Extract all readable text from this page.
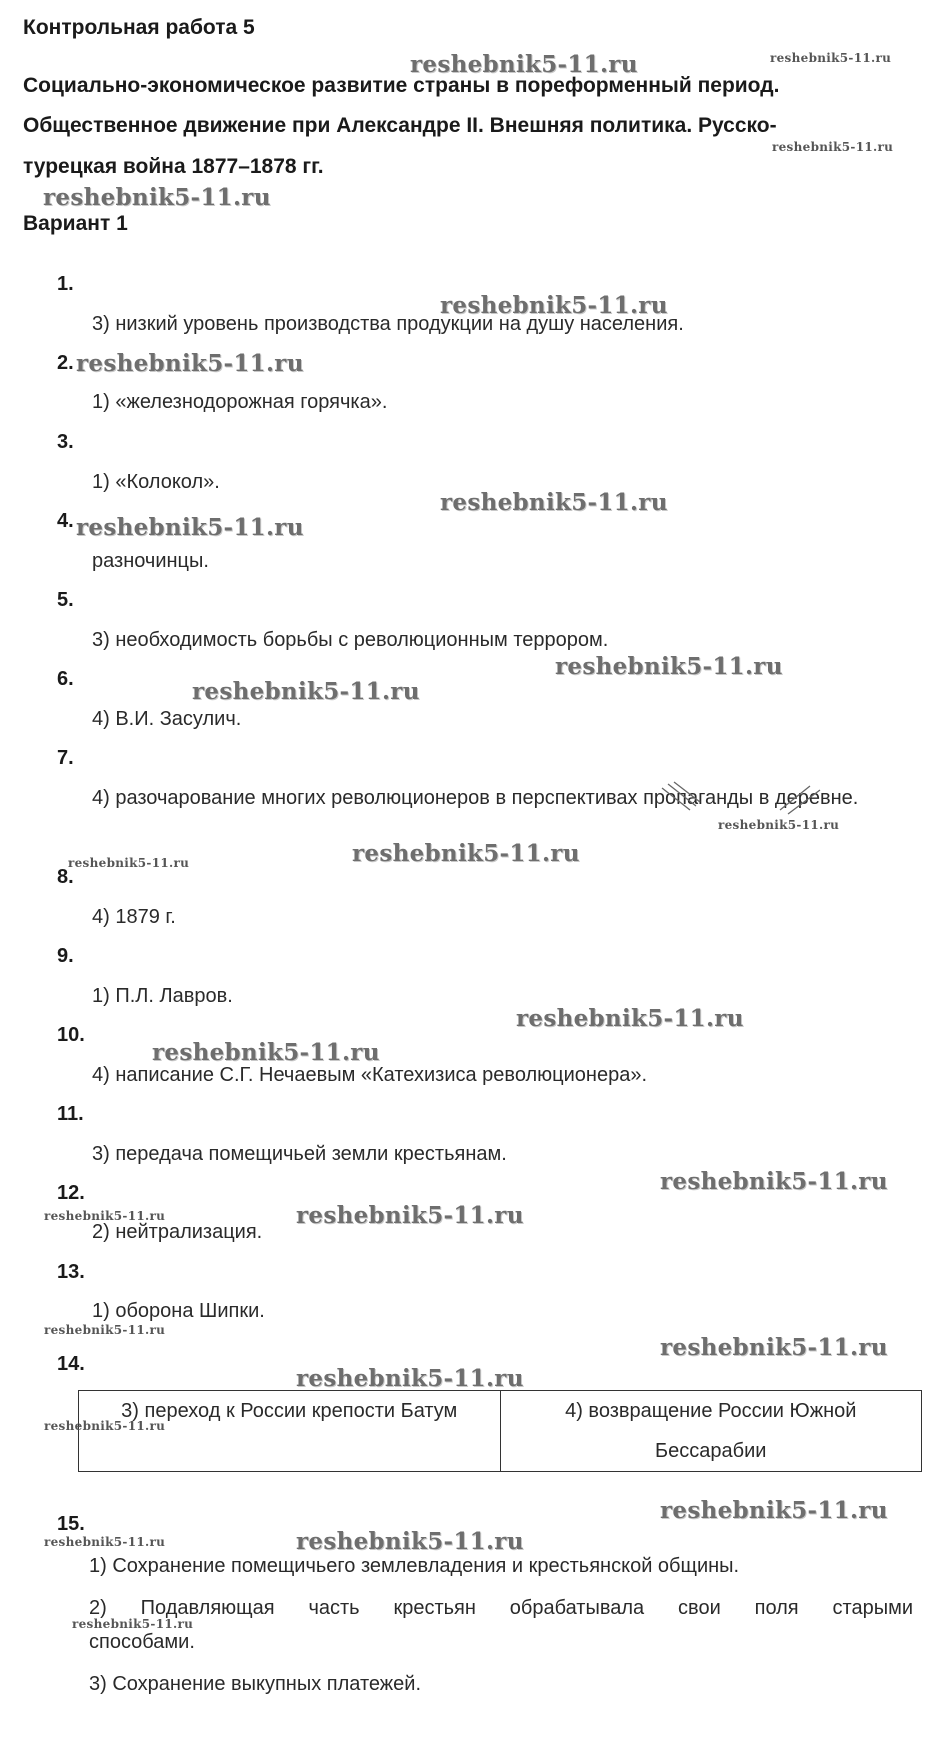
Контрольная работа 5
Социально-экономическое развитие страны в пореформенный период.
Общественное движение при Александре II. Внешняя политика. Русско-
турецкая война 1877–1878 гг.
Вариант 1
1.
3) низкий уровень производства продукции на душу населения.
2.
1) «железнодорожная горячка».
3.
1) «Колокол».
4.
разночинцы.
5.
3) необходимость борьбы с революционным террором.
6.
4) В.И. Засулич.
7.
4) разочарование многих революционеров в перспективах пропаганды в деревне.
8.
4) 1879 г.
9.
1) П.Л. Лавров.
10.
4) написание С.Г. Нечаевым «Катехизиса революционера».
11.
3) передача помещичьей земли крестьянам.
12.
2) нейтрализация.
13.
1) оборона Шипки.
14.
3) переход к России крепости Батум	4) возвращение России Южной Бессарабии
15.
1) Сохранение помещичьего землевладения и крестьянской общины.
2) Подавляющая часть крестьян обрабатывала свои поля старыми
способами.
3) Сохранение выкупных платежей.
reshebnik5-11.ru	reshebnik5-11.ru
reshebnik5-11.ru
reshebnik5-11.ru
reshebnik5-11.ru
reshebnik5-11.ru
reshebnik5-11.ru
reshebnik5-11.ru
reshebnik5-11.ru
reshebnik5-11.ru
reshebnik5-11.ru
reshebnik5-11.ru
reshebnik5-11.ru
reshebnik5-11.ru
reshebnik5-11.ru
reshebnik5-11.ru
reshebnik5-11.ru	reshebnik5-11.ru
reshebnik5-11.ru
reshebnik5-11.ru
reshebnik5-11.ru
reshebnik5-11.ru
reshebnik5-11.ru
reshebnik5-11.ru	reshebnik5-11.ru
reshebnik5-11.ru
